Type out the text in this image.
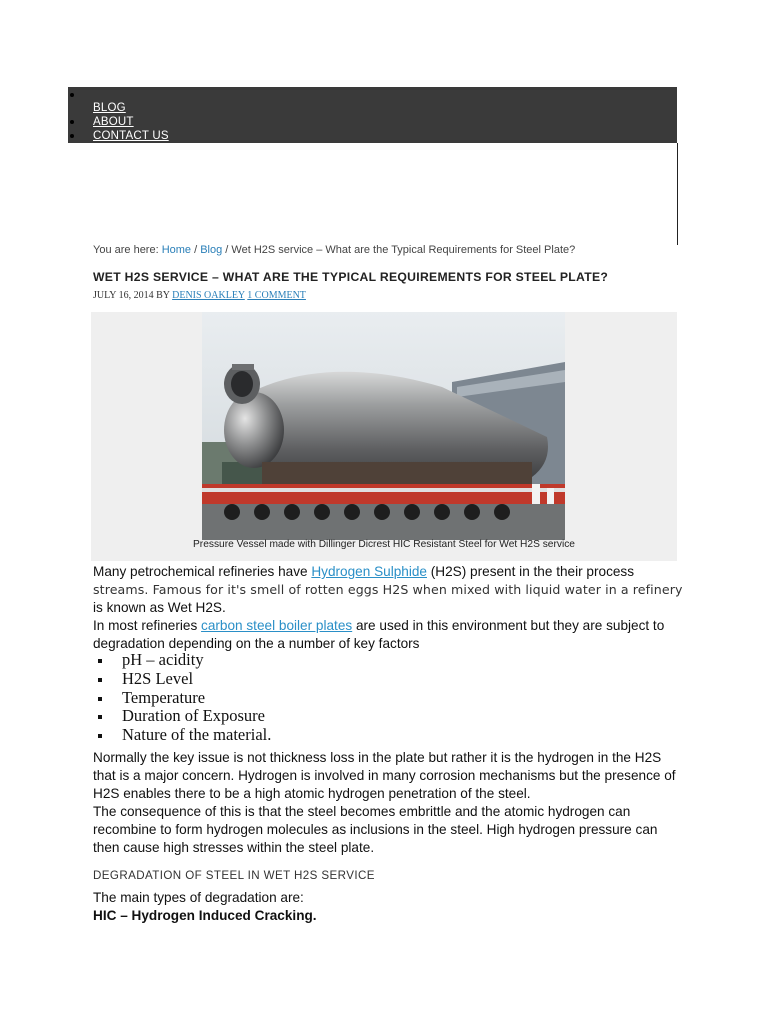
BLOG
ABOUT
CONTACT US
You are here: Home / Blog / Wet H2S service – What are the Typical Requirements for Steel Plate?
WET H2S SERVICE – WHAT ARE THE TYPICAL REQUIREMENTS FOR STEEL PLATE?
JULY 16, 2014 BY DENIS OAKLEY 1 COMMENT
Pressure Vessel made with Dillinger Dicrest HIC Resistant Steel for Wet H2S service

Many petrochemical refineries have Hydrogen Sulphide (H2S) present in the their process
streams. Famous for it's smell of rotten eggs H2S when mixed with liquid water in a refinery
is known as Wet H2S.

In most refineries carbon steel boiler plates are used in this environment but they are subject to degradation depending on the a number of key factors

pH – acidity
H2S Level
Temperature
Duration of Exposure
Nature of the material.

Normally the key issue is not thickness loss in the plate but rather it is the hydrogen in the H2S that is a major concern. Hydrogen is involved in many corrosion mechanisms but the presence of H2S enables there to be a high atomic hydrogen penetration of the steel.

The consequence of this is that the steel becomes embrittle and the atomic hydrogen can recombine to form hydrogen molecules as inclusions in the steel. High hydrogen pressure can then cause high stresses within the steel plate.

DEGRADATION OF STEEL IN WET H2S SERVICE

The main types of degradation are:

HIC – Hydrogen Induced Cracking.
